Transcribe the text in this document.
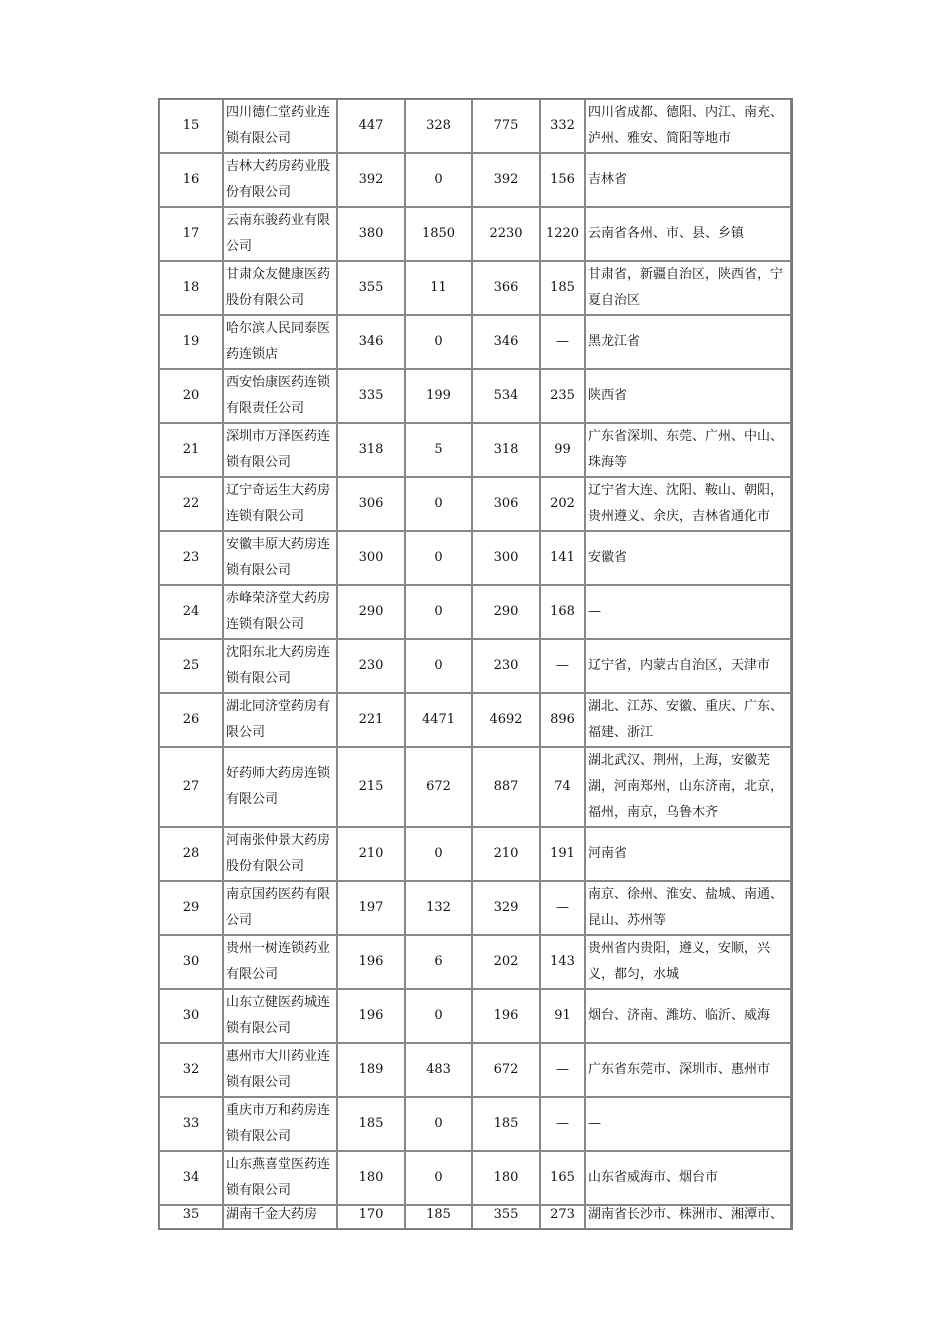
15	四川德仁堂药业连锁有限公司	447	328	775	332	四川省成都、德阳、内江、南充、泸州、雅安、简阳等地市
16	吉林大药房药业股份有限公司	392	0	392	156	吉林省
17	云南东骏药业有限公司	380	1850	2230	1220	云南省各州、市、县、乡镇
18	甘肃众友健康医药股份有限公司	355	11	366	185	甘肃省，新疆自治区，陕西省，宁夏自治区
19	哈尔滨人民同泰医药连锁店	346	0	346	—	黑龙江省
20	西安怡康医药连锁有限责任公司	335	199	534	235	陕西省
21	深圳市万泽医药连锁有限公司	318	5	318	99	广东省深圳、东莞、广州、中山、珠海等
22	辽宁奇运生大药房连锁有限公司	306	0	306	202	辽宁省大连、沈阳、鞍山、朝阳，贵州遵义、余庆，吉林省通化市
23	安徽丰原大药房连锁有限公司	300	0	300	141	安徽省
24	赤峰荣济堂大药房连锁有限公司	290	0	290	168	—
25	沈阳东北大药房连锁有限公司	230	0	230	—	辽宁省，内蒙古自治区，天津市
26	湖北同济堂药房有限公司	221	4471	4692	896	湖北、江苏、安徽、重庆、广东、福建、浙江
27	好药师大药房连锁有限公司	215	672	887	74	湖北武汉、荆州，上海，安徽芜湖，河南郑州，山东济南，北京，福州，南京，乌鲁木齐
28	河南张仲景大药房股份有限公司	210	0	210	191	河南省
29	南京国药医药有限公司	197	132	329	—	南京、徐州、淮安、盐城、南通、昆山、苏州等
30	贵州一树连锁药业有限公司	196	6	202	143	贵州省内贵阳，遵义，安顺，兴义，都匀，水城
30	山东立健医药城连锁有限公司	196	0	196	91	烟台、济南、潍坊、临沂、威海
32	惠州市大川药业连锁有限公司	189	483	672	—	广东省东莞市、深圳市、惠州市
33	重庆市万和药房连锁有限公司	185	0	185	—	—
34	山东燕喜堂医药连锁有限公司	180	0	180	165	山东省威海市、烟台市
35	湖南千金大药房	170	185	355	273	湖南省长沙市、株洲市、湘潭市、
